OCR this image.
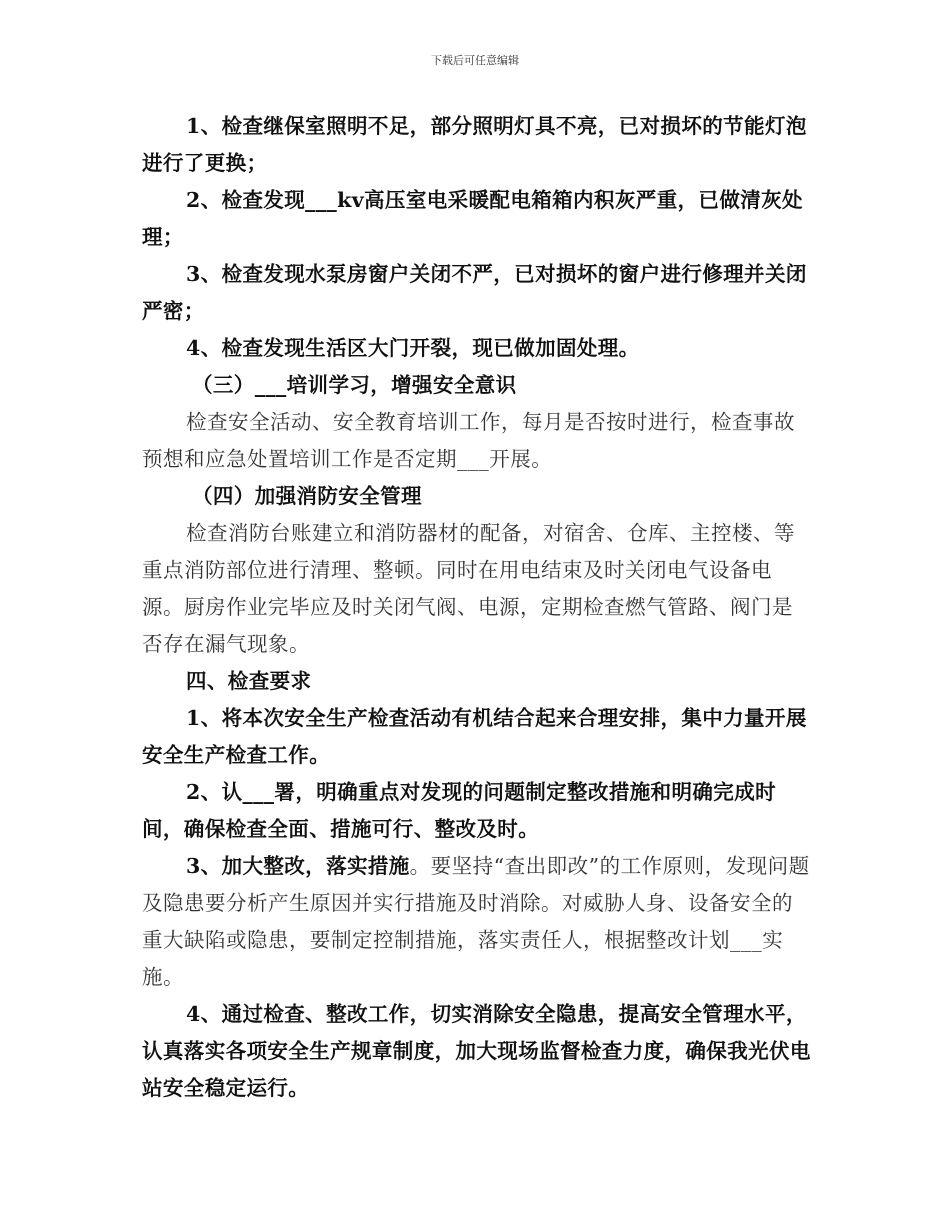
下载后可任意编辑

1、检查继保室照明不足，部分照明灯具不亮，已对损坏的节能灯泡进行了更换；

2、检查发现___kv高压室电采暖配电箱箱内积灰严重，已做清灰处理；

3、检查发现水泵房窗户关闭不严，已对损坏的窗户进行修理并关闭严密；

4、检查发现生活区大门开裂，现已做加固处理。

（三）___培训学习，增强安全意识

检查安全活动、安全教育培训工作，每月是否按时进行，检查事故预想和应急处置培训工作是否定期___开展。

（四）加强消防安全管理

检查消防台账建立和消防器材的配备，对宿舍、仓库、主控楼、等重点消防部位进行清理、整顿。同时在用电结束及时关闭电气设备电源。厨房作业完毕应及时关闭气阀、电源，定期检查燃气管路、阀门是否存在漏气现象。

四、检查要求

1、将本次安全生产检查活动有机结合起来合理安排，集中力量开展安全生产检查工作。

2、认___署，明确重点对发现的问题制定整改措施和明确完成时间，确保检查全面、措施可行、整改及时。

3、加大整改，落实措施。要坚持“查出即改”的工作原则，发现问题及隐患要分析产生原因并实行措施及时消除。对威胁人身、设备安全的重大缺陷或隐患，要制定控制措施，落实责任人，根据整改计划___实施。

4、通过检查、整改工作，切实消除安全隐患，提高安全管理水平，认真落实各项安全生产规章制度，加大现场监督检查力度，确保我光伏电站安全稳定运行。
